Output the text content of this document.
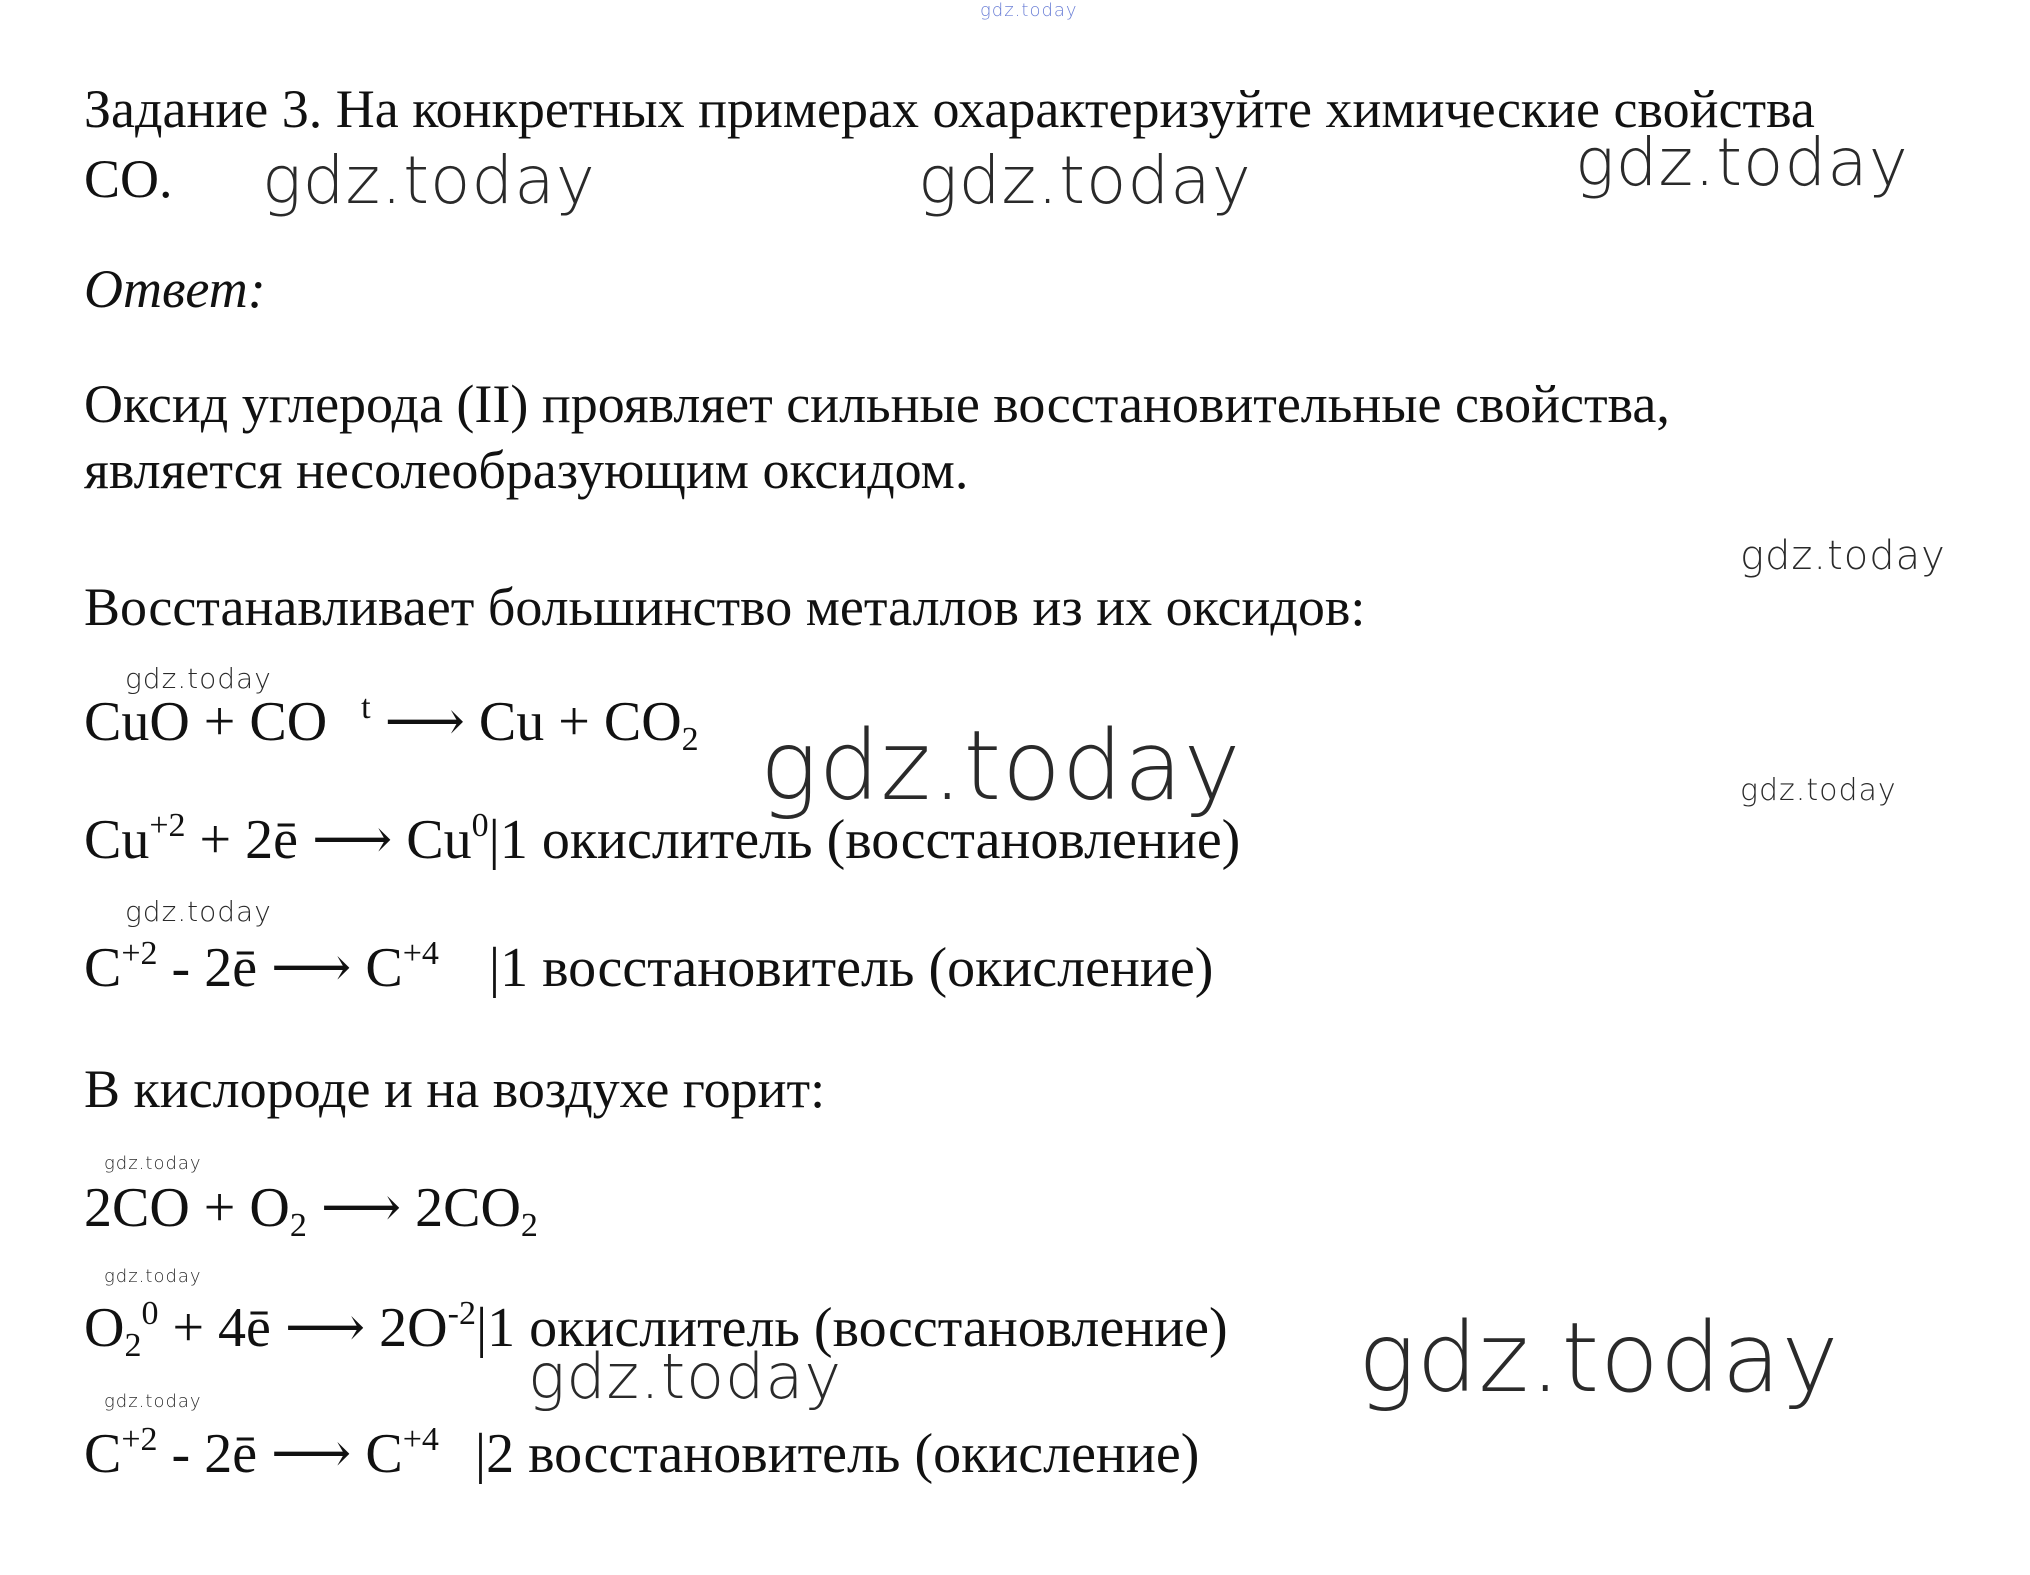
gdz.today
Задание 3. На конкретных примерах охарактеризуйте химические свойства
CO. gdz.today	gdz.today	gdz.today
Ответ:
Оксид углерода (II) проявляет сильные восстановительные свойства,
является несолеобразующим оксидом.
gdz.today
Восстанавливает большинство металлов из их оксидов:
gdz.today
CuO + CO $^t$ ⟶ $Cu + CO_2$ gdz.today	gdz.today
$Cu^{+2}$ + 2ē ⟶ Cu$^0$|1 окислитель (восстановление)
gdz.today
$C^{+2}$ - 2ē ⟶ $C^{+4}$ |1 восстановитель (окисление)
В кислороде и на воздухе горит:
gdz.today
$2CO + O_2$ ⟶ $2CO_2$
gdz.today
$O_2^0$ + 4ē ⟶ $2O^{-2}|1$ окислитель (восстановление)
gdz.today	gdz.today
gdz.today
$C^{+2}$ - 2ē ⟶ $C^{+4}$ |2 восстановитель (окисление)
